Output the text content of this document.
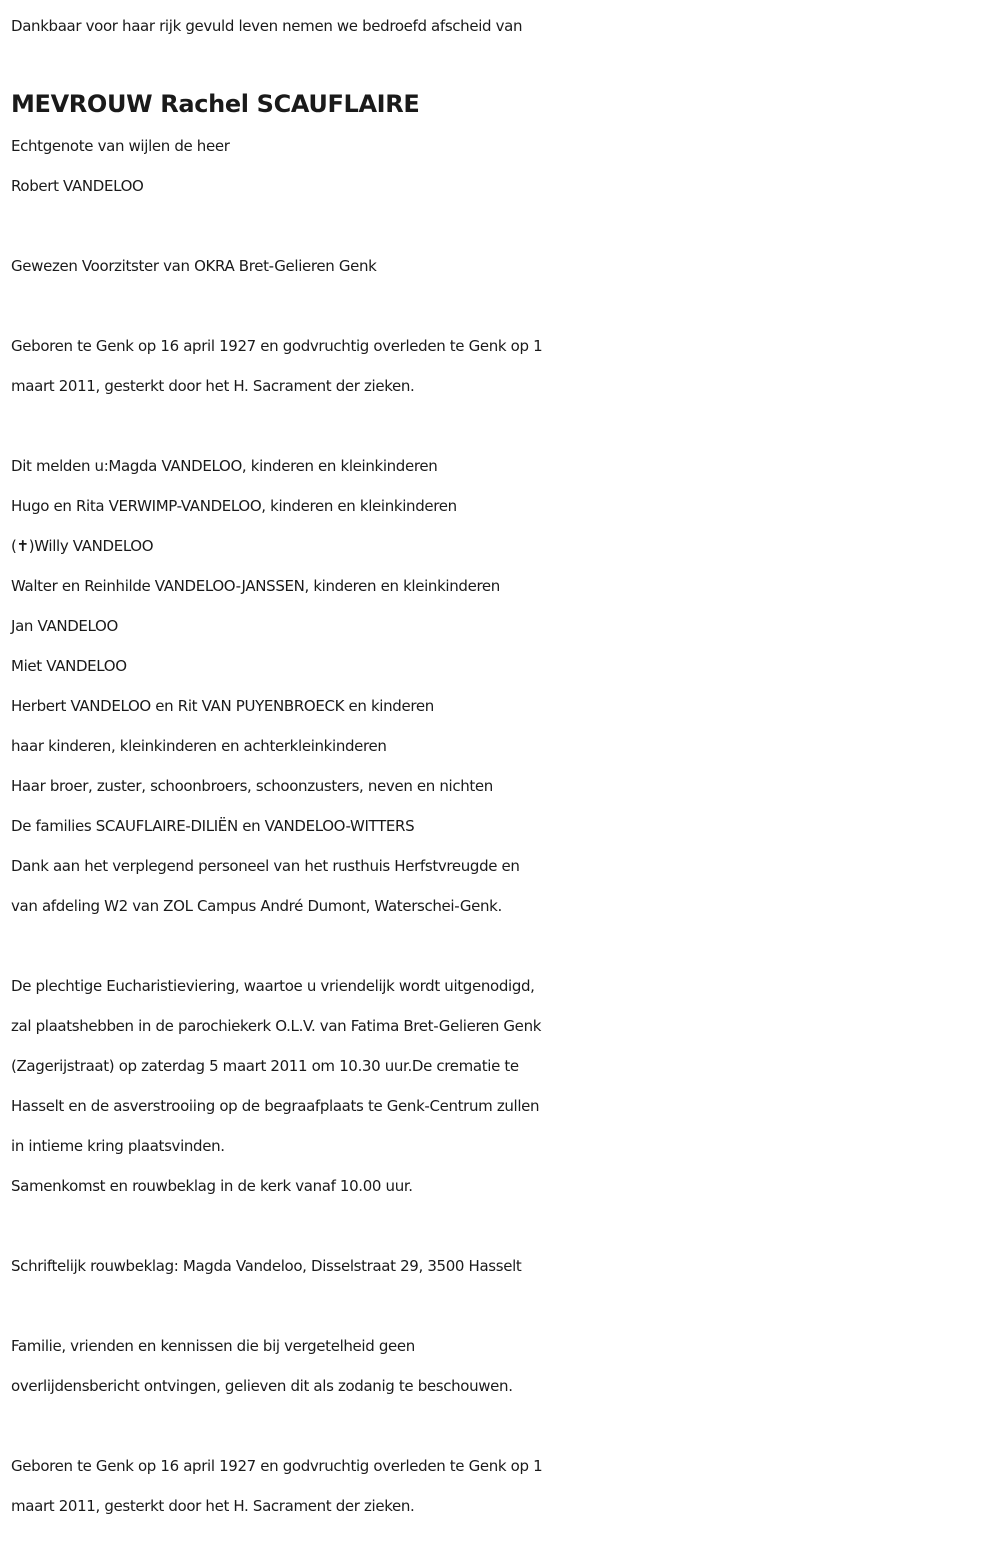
Dankbaar voor haar rijk gevuld leven nemen we bedroefd afscheid van
MEVROUW Rachel SCAUFLAIRE
Echtgenote van wijlen de heer
Robert VANDELOO
Gewezen Voorzitster van OKRA Bret-Gelieren Genk
Geboren te Genk op 16 april 1927 en godvruchtig overleden te Genk op 1
maart 2011, gesterkt door het H. Sacrament der zieken.
Dit melden u:Magda VANDELOO, kinderen en kleinkinderen
Hugo en Rita VERWIMP-VANDELOO, kinderen en kleinkinderen
(✝)Willy VANDELOO
Walter en Reinhilde VANDELOO-JANSSEN, kinderen en kleinkinderen
Jan VANDELOO
Miet VANDELOO
Herbert VANDELOO en Rit VAN PUYENBROECK en kinderen
haar kinderen, kleinkinderen en achterkleinkinderen
Haar broer, zuster, schoonbroers, schoonzusters, neven en nichten
De families SCAUFLAIRE-DILIËN en VANDELOO-WITTERS
Dank aan het verplegend personeel van het rusthuis Herfstvreugde en
van afdeling W2 van ZOL Campus André Dumont, Waterschei-Genk.
De plechtige Eucharistieviering, waartoe u vriendelijk wordt uitgenodigd,
zal plaatshebben in de parochiekerk O.L.V. van Fatima Bret-Gelieren Genk
(Zagerijstraat) op zaterdag 5 maart 2011 om 10.30 uur.De crematie te
Hasselt en de asverstrooiing op de begraafplaats te Genk-Centrum zullen
in intieme kring plaatsvinden.
Samenkomst en rouwbeklag in de kerk vanaf 10.00 uur.
Schriftelijk rouwbeklag: Magda Vandeloo, Disselstraat 29, 3500 Hasselt
Familie, vrienden en kennissen die bij vergetelheid geen
overlijdensbericht ontvingen, gelieven dit als zodanig te beschouwen.
Geboren te Genk op 16 april 1927 en godvruchtig overleden te Genk op 1
maart 2011, gesterkt door het H. Sacrament der zieken.
